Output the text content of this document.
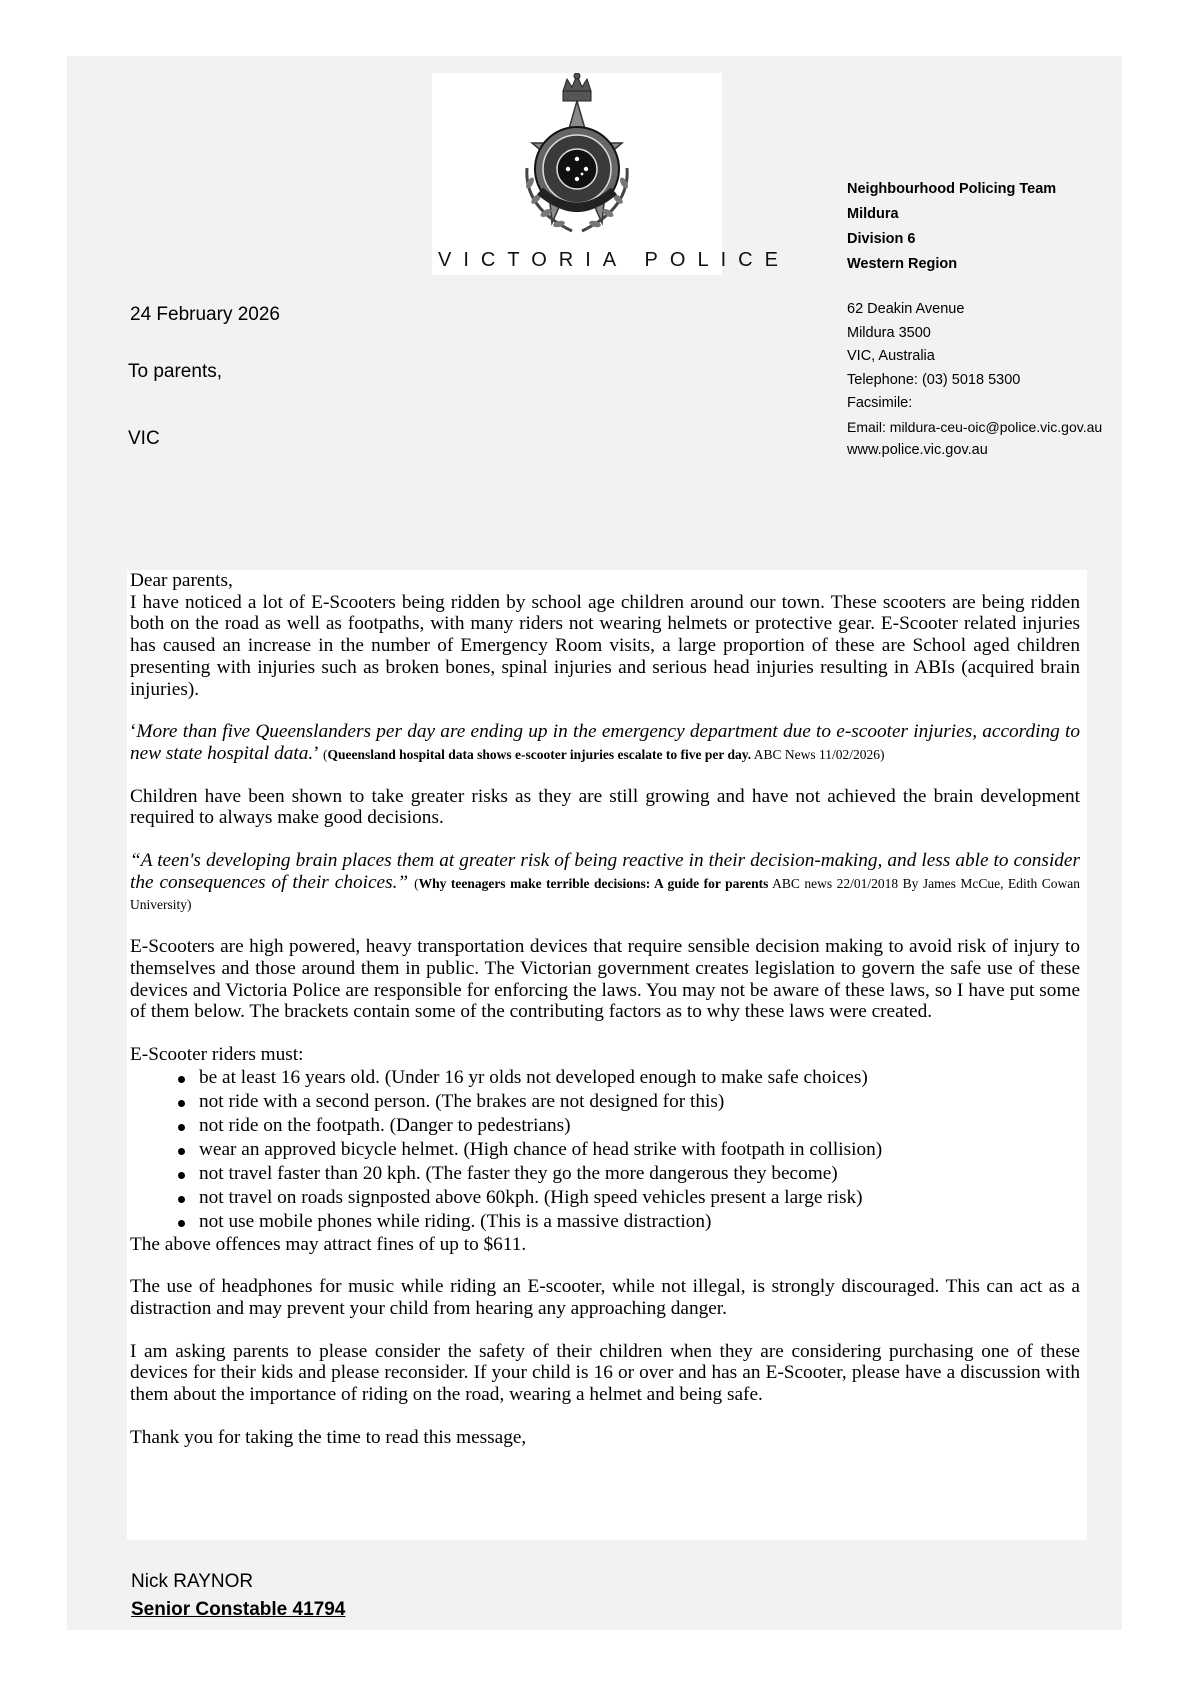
VICTORIA POLICE
Neighbourhood Policing Team
Mildura
Division 6
Western Region
62 Deakin Avenue
Mildura 3500
VIC, Australia
Telephone: (03) 5018 5300
Facsimile:
Email: mildura-ceu-oic@police.vic.gov.au
www.police.vic.gov.au
24 February 2026
To parents,
VIC

Dear parents,

I have noticed a lot of E-Scooters being ridden by school age children around our town. These scooters are being ridden both on the road as well as footpaths, with many riders not wearing helmets or protective gear. E-Scooter related injuries has caused an increase in the number of Emergency Room visits, a large proportion of these are School aged children presenting with injuries such as broken bones, spinal injuries and serious head injuries resulting in ABIs (acquired brain injuries).

‘More than five Queenslanders per day are ending up in the emergency department due to e-scooter injuries, according to new state hospital data.’ (Queensland hospital data shows e-scooter injuries escalate to five per day. ABC News 11/02/2026)

Children have been shown to take greater risks as they are still growing and have not achieved the brain development required to always make good decisions.

“A teen's developing brain places them at greater risk of being reactive in their decision-making, and less able to consider the consequences of their choices.” (Why teenagers make terrible decisions: A guide for parents ABC news 22/01/2018 By James McCue, Edith Cowan University)

E-Scooters are high powered, heavy transportation devices that require sensible decision making to avoid risk of injury to themselves and those around them in public. The Victorian government creates legislation to govern the safe use of these devices and Victoria Police are responsible for enforcing the laws. You may not be aware of these laws, so I have put some of them below. The brackets contain some of the contributing factors as to why these laws were created.

E-Scooter riders must:

be at least 16 years old. (Under 16 yr olds not developed enough to make safe choices)
not ride with a second person. (The brakes are not designed for this)
not ride on the footpath. (Danger to pedestrians)
wear an approved bicycle helmet. (High chance of head strike with footpath in collision)
not travel faster than 20 kph. (The faster they go the more dangerous they become)
not travel on roads signposted above 60kph. (High speed vehicles present a large risk)
not use mobile phones while riding. (This is a massive distraction)

The above offences may attract fines of up to $611.

The use of headphones for music while riding an E-scooter, while not illegal, is strongly discouraged. This can act as a distraction and may prevent your child from hearing any approaching danger.

I am asking parents to please consider the safety of their children when they are considering purchasing one of these devices for their kids and please reconsider. If your child is 16 or over and has an E-Scooter, please have a discussion with them about the importance of riding on the road, wearing a helmet and being safe.

Thank you for taking the time to read this message,

Nick RAYNOR
Senior Constable 41794
